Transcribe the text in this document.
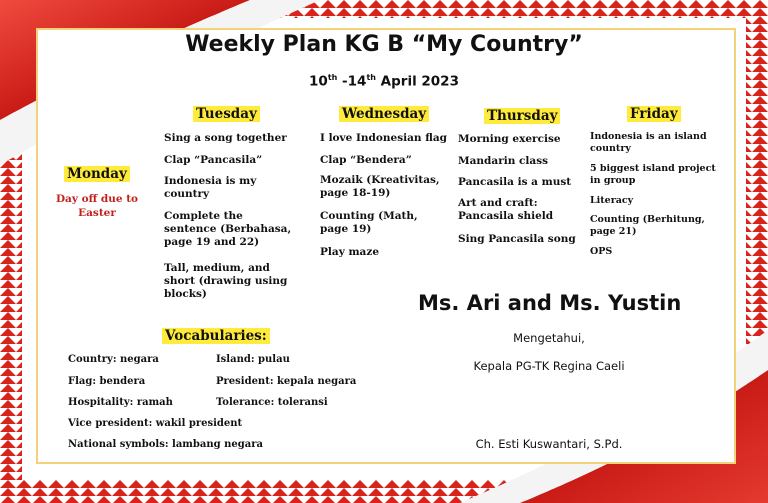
Weekly Plan KG B “My Country”
10th -14th April 2023
Monday
Day off due to
Easter
Tuesday
Sing a song together
Clap “Pancasila”
Indonesia is my country
Complete the sentence (Berbahasa, page 19 and 22)
Tall, medium, and short (drawing using blocks)
Wednesday
I love Indonesian flag
Clap “Bendera”
Mozaik (Kreativitas, page 18-19)
Counting (Math, page 19)
Play maze
Thursday
Morning exercise
Mandarin class
Pancasila is a must
Art and craft: Pancasila shield
Sing Pancasila song
Friday
Indonesia is an island country
5 biggest island project in group
Literacy
Counting (Berhitung, page 21)
OPS
Vocabularies:
Country: negara	Island: pulau
Flag: bendera	President: kepala negara
Hospitality: ramah	Tolerance: toleransi
Vice president: wakil president
National symbols: lambang negara
Ms. Ari and Ms. Yustin
Mengetahui,
Kepala PG-TK Regina Caeli
Ch. Esti Kuswantari, S.Pd.
